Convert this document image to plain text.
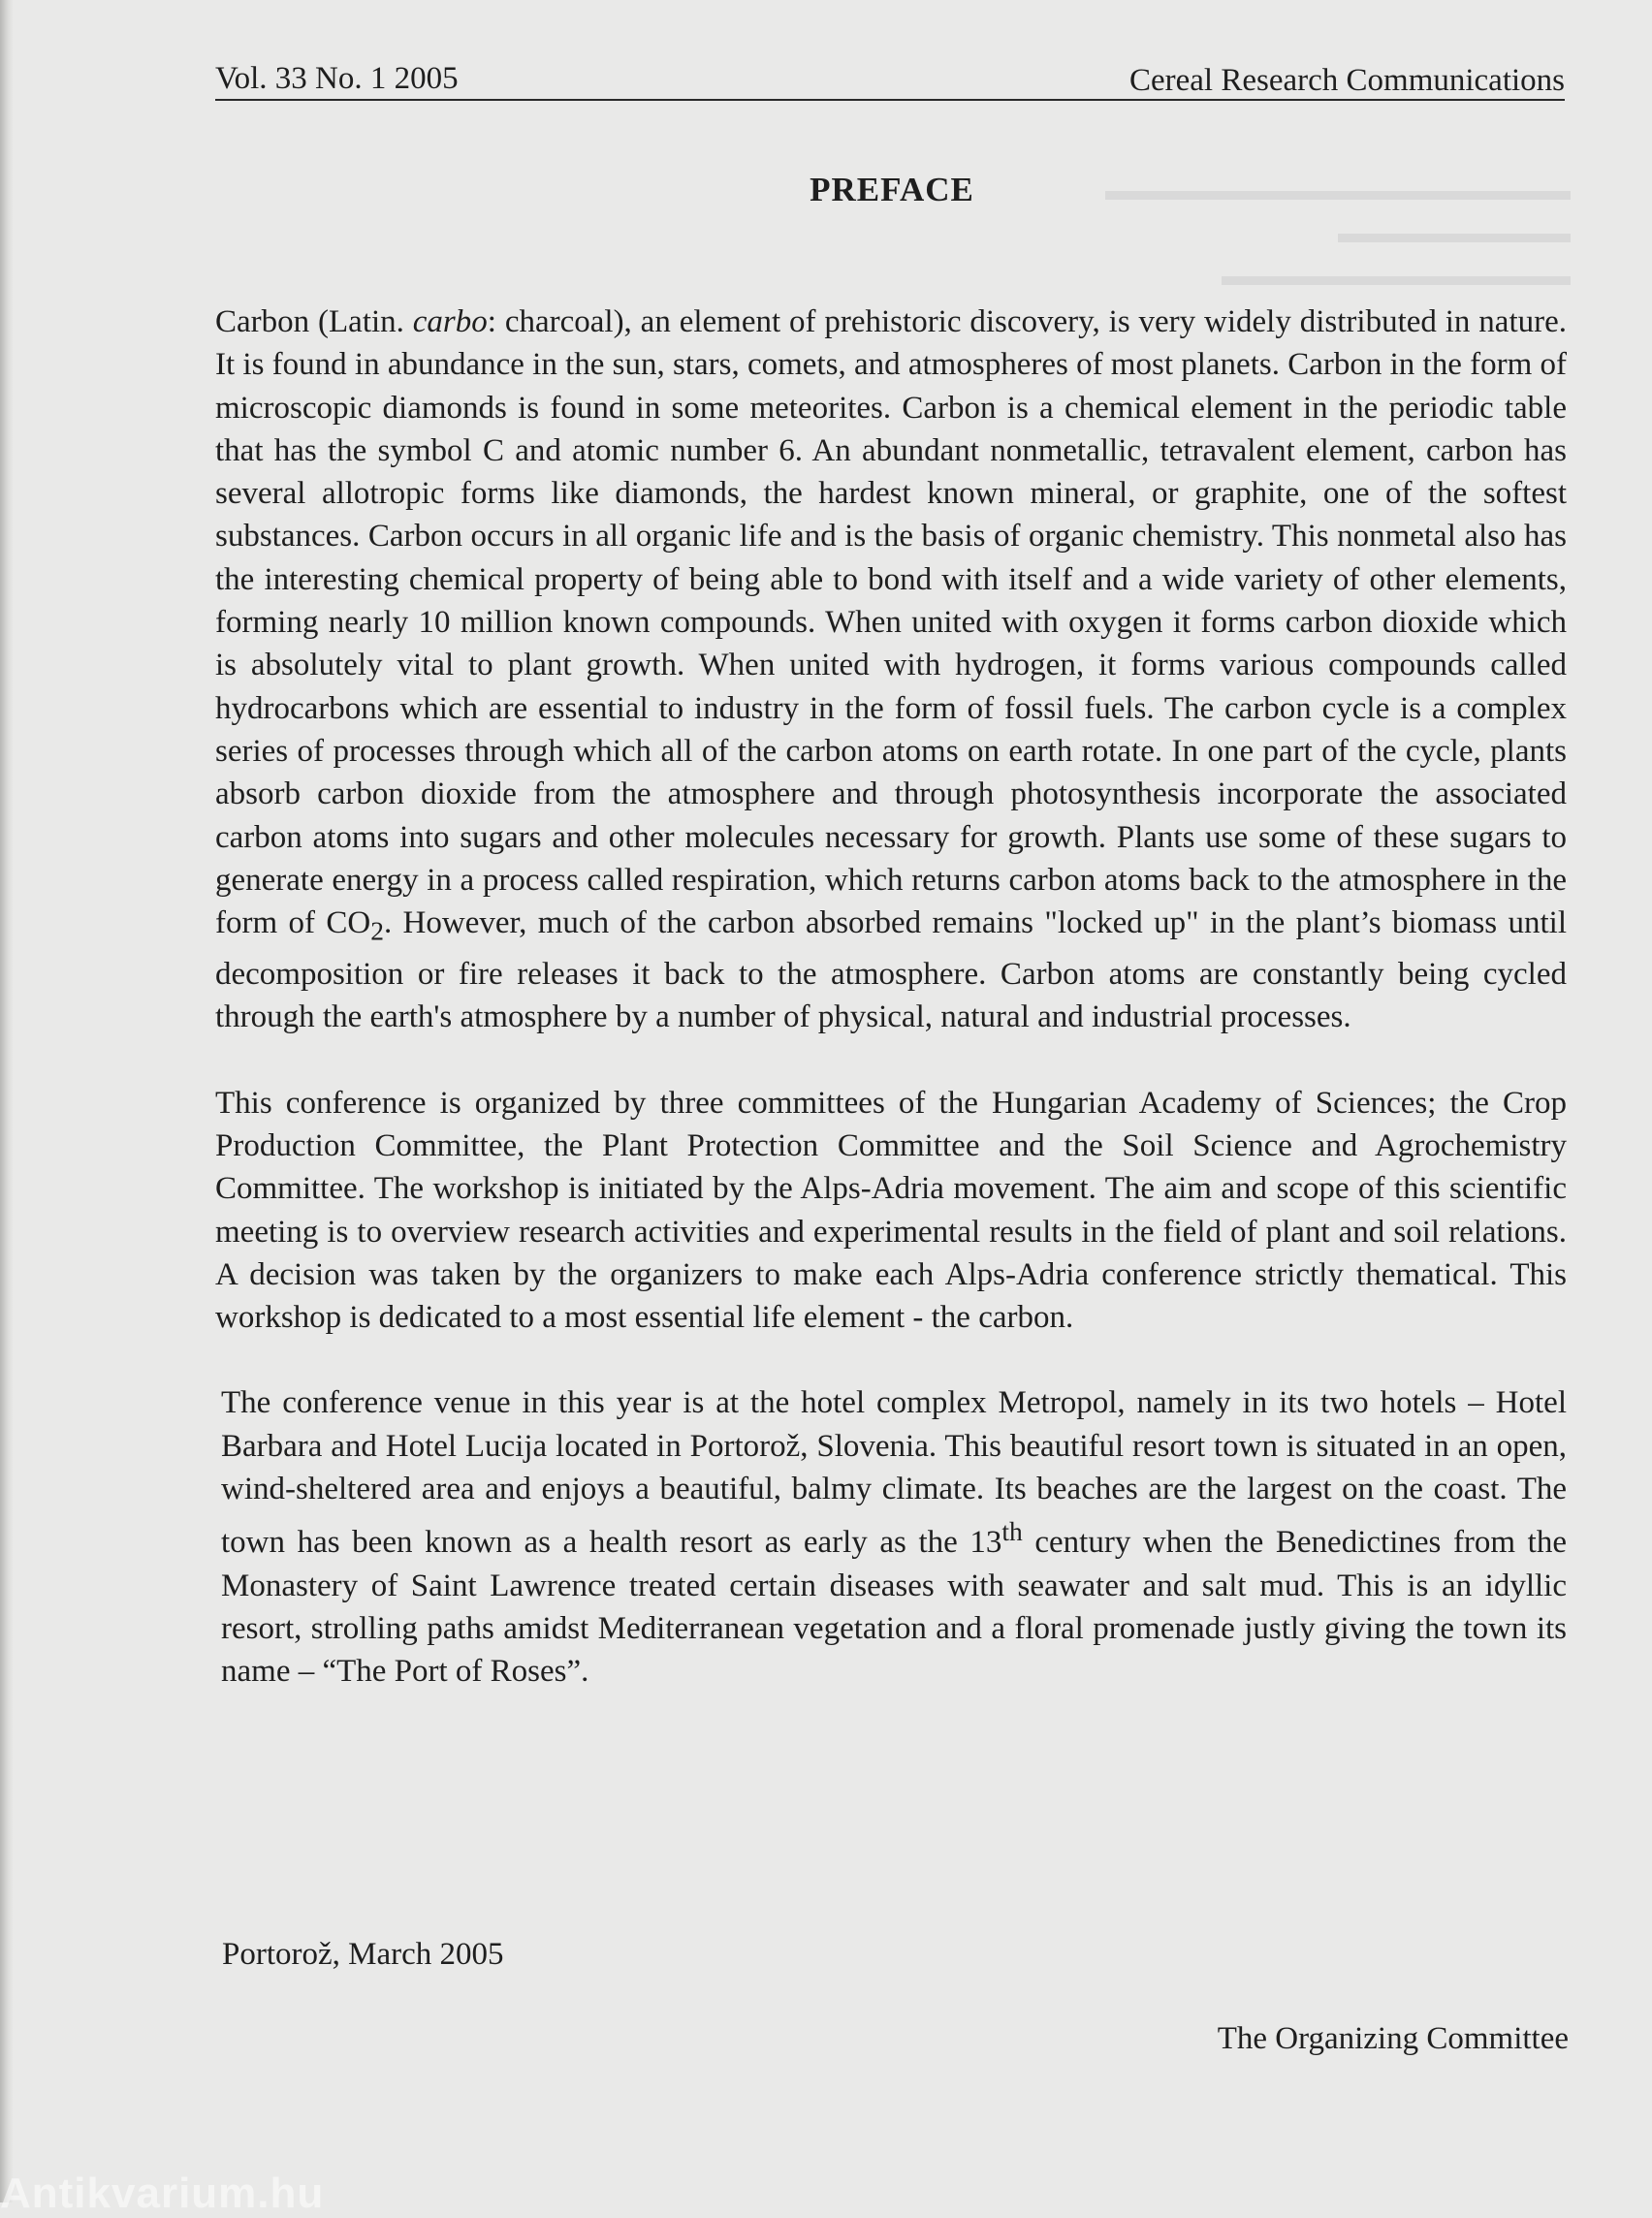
▬▬▬▬▬▬▬▬▬▬▬▬▬▬▬▬
▬▬▬▬▬▬▬▬
▬▬▬▬▬▬▬▬▬▬▬▬
Vol. 33 No. 1 2005	Cereal Research Communications
PREFACE

Carbon (Latin. carbo: charcoal), an element of prehistoric discovery, is very widely distributed in nature. It is found in abundance in the sun, stars, comets, and atmospheres of most planets. Carbon in the form of microscopic diamonds is found in some meteorites. Carbon is a chemical element in the periodic table that has the symbol C and atomic number 6. An abundant nonmetallic, tetravalent element, carbon has several allotropic forms like diamonds, the hardest known mineral, or graphite, one of the softest substances. Carbon occurs in all organic life and is the basis of organic chemistry. This nonmetal also has the interesting chemical property of being able to bond with itself and a wide variety of other elements, forming nearly 10 million known compounds. When united with oxygen it forms carbon dioxide which is absolutely vital to plant growth. When united with hydrogen, it forms various compounds called hydrocarbons which are essential to industry in the form of fossil fuels. The carbon cycle is a complex series of processes through which all of the carbon atoms on earth rotate. In one part of the cycle, plants absorb carbon dioxide from the atmosphere and through photosynthesis incorporate the associated carbon atoms into sugars and other molecules necessary for growth. Plants use some of these sugars to generate energy in a process called respiration, which returns carbon atoms back to the atmosphere in the form of $CO_2$. However, much of the carbon absorbed remains "locked up" in the plant’s biomass until decomposition or fire releases it back to the atmosphere. Carbon atoms are constantly being cycled through the earth's atmosphere by a number of physical, natural and industrial processes.

This conference is organized by three committees of the Hungarian Academy of Sciences; the Crop Production Committee, the Plant Protection Committee and the Soil Science and Agrochemistry Committee. The workshop is initiated by the Alps-Adria movement. The aim and scope of this scientific meeting is to overview research activities and experimental results in the field of plant and soil relations. A decision was taken by the organizers to make each Alps-Adria conference strictly thematical. This workshop is dedicated to a most essential life element - the carbon.

The conference venue in this year is at the hotel complex Metropol, namely in its two hotels – Hotel Barbara and Hotel Lucija located in Portorož, Slovenia. This beautiful resort town is situated in an open, wind-sheltered area and enjoys a beautiful, balmy climate. Its beaches are the largest on the coast. The town has been known as a health resort as early as the 13th century when the Benedictines from the Monastery of Saint Lawrence treated certain diseases with seawater and salt mud. This is an idyllic resort, strolling paths amidst Mediterranean vegetation and a floral promenade justly giving the town its name – “The Port of Roses”.

Portorož, March 2005
The Organizing Committee
Antikvarium.hu
